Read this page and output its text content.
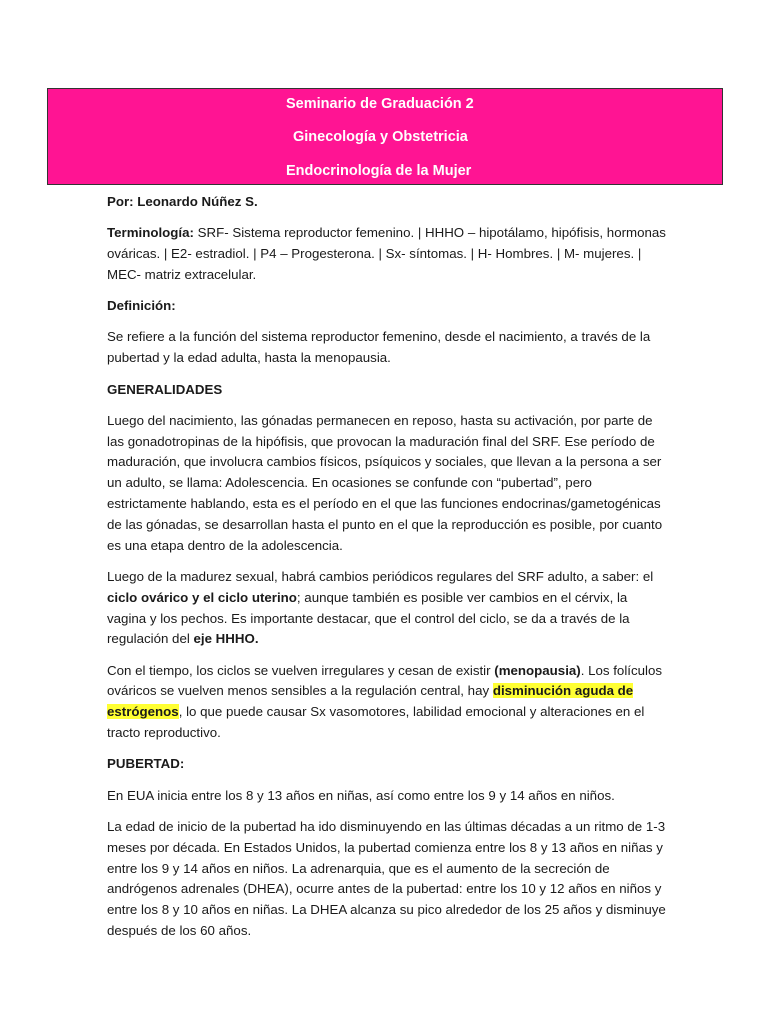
Seminario de Graduación 2
Ginecología y Obstetricia
Endocrinología de la Mujer

Por: Leonardo Núñez S.

Terminología: SRF- Sistema reproductor femenino. | HHHO – hipotálamo, hipófisis, hormonas ováricas. | E2- estradiol. | P4 – Progesterona. | Sx- síntomas. | H- Hombres. | M- mujeres. | MEC- matriz extracelular.

Definición:

Se refiere a la función del sistema reproductor femenino, desde el nacimiento, a través de la pubertad y la edad adulta, hasta la menopausia.

GENERALIDADES

Luego del nacimiento, las gónadas permanecen en reposo, hasta su activación, por parte de las gonadotropinas de la hipófisis, que provocan la maduración final del SRF. Ese período de maduración, que involucra cambios físicos, psíquicos y sociales, que llevan a la persona a ser un adulto, se llama: Adolescencia. En ocasiones se confunde con “pubertad”, pero estrictamente hablando, esta es el período en el que las funciones endocrinas/gametogénicas de las gónadas, se desarrollan hasta el punto en el que la reproducción es posible, por cuanto es una etapa dentro de la adolescencia.

Luego de la madurez sexual, habrá cambios periódicos regulares del SRF adulto, a saber: el ciclo ovárico y el ciclo uterino; aunque también es posible ver cambios en el cérvix, la vagina y los pechos. Es importante destacar, que el control del ciclo, se da a través de la regulación del eje HHHO.

Con el tiempo, los ciclos se vuelven irregulares y cesan de existir (menopausia). Los folículos ováricos se vuelven menos sensibles a la regulación central, hay disminución aguda de estrógenos, lo que puede causar Sx vasomotores, labilidad emocional y alteraciones en el tracto reproductivo.

PUBERTAD:

En EUA inicia entre los 8 y 13 años en niñas, así como entre los 9 y 14 años en niños.

La edad de inicio de la pubertad ha ido disminuyendo en las últimas décadas a un ritmo de 1-3 meses por década. En Estados Unidos, la pubertad comienza entre los 8 y 13 años en niñas y entre los 9 y 14 años en niños. La adrenarquia, que es el aumento de la secreción de andrógenos adrenales (DHEA), ocurre antes de la pubertad: entre los 10 y 12 años en niños y entre los 8 y 10 años en niñas. La DHEA alcanza su pico alrededor de los 25 años y disminuye después de los 60 años.
